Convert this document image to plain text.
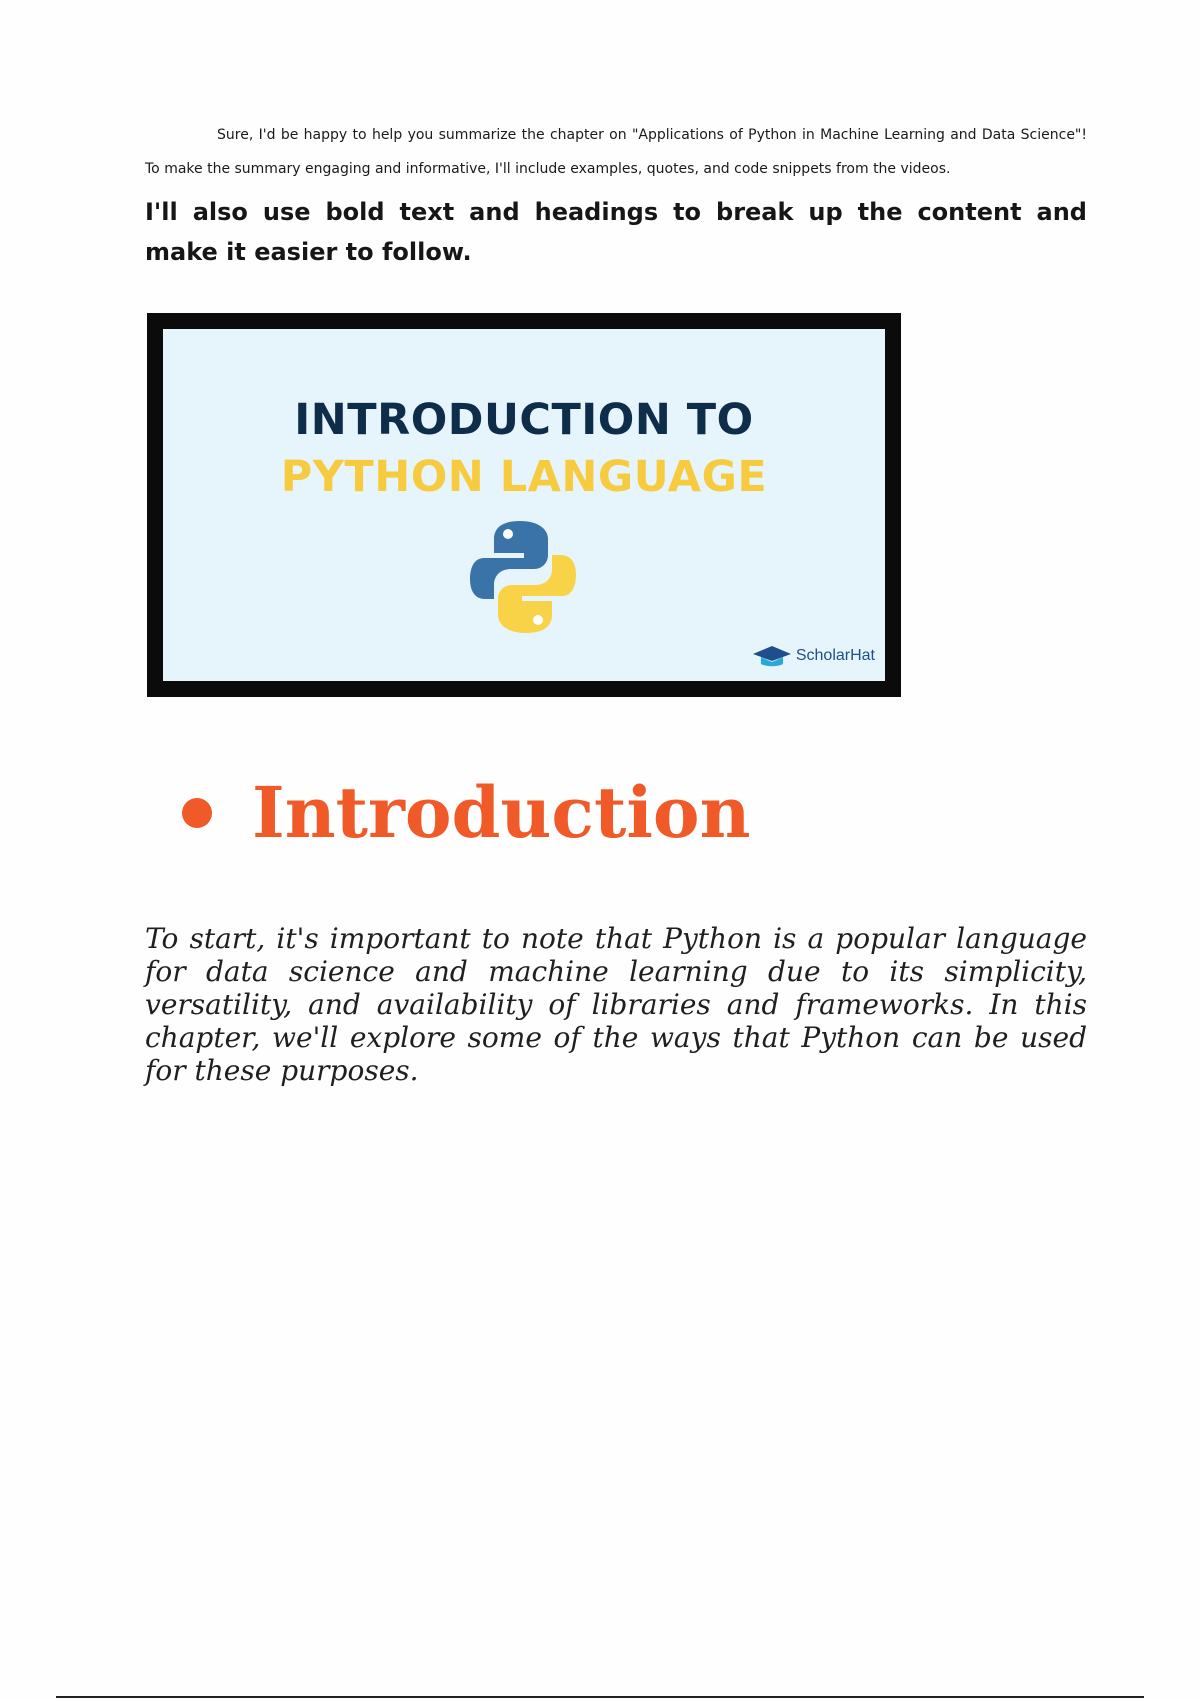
Sure, I'd be happy to help you summarize the chapter on "Applications of Python in Machine Learning and Data Science"! To make the summary engaging and informative, I'll include examples, quotes, and code snippets from the videos.

I'll also use bold text and headings to break up the content and make it easier to follow.

INTRODUCTION TO
PYTHON LANGUAGE
ScholarHat
Introduction

To start, it's important to note that Python is a popular language for data science and machine learning due to its simplicity, versatility, and availability of libraries and frameworks. In this chapter, we'll explore some of the ways that Python can be used for these purposes.
